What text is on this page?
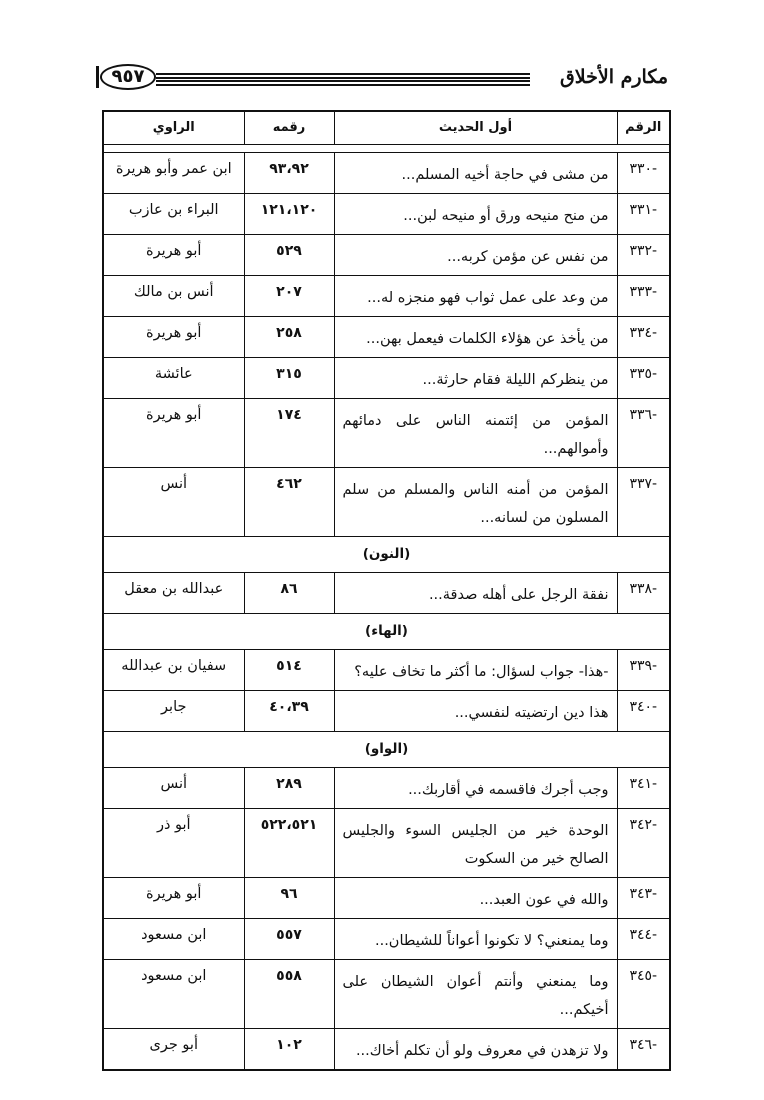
٩٥٧	مكارم الأخلاق
الرقم	أول الحديث	رقمه	الراوي

-٣٣٠	من مشى في حاجة أخيه المسلم...	٩٣،٩٢	ابن عمر وأبو هريرة
-٣٣١	من منح منيحه ورق أو منيحه لبن...	١٢١،١٢٠	البراء بن عازب
-٣٣٢	من نفس عن مؤمن كربه...	٥٢٩	أبو هريرة
-٣٣٣	من وعد على عمل ثواب فهو منجزه له...	٢٠٧	أنس بن مالك
-٣٣٤	من يأخذ عن هؤلاء الكلمات فيعمل بهن...	٢٥٨	أبو هريرة
-٣٣٥	من ينظركم الليلة فقام حارثة...	٣١٥	عائشة
-٣٣٦	المؤمن من إئتمنه الناس على دمائهم وأموالهم...	١٧٤	أبو هريرة
-٣٣٧	المؤمن من أمنه الناس والمسلم من سلم المسلون من لسانه...	٤٦٢	أنس
(النون)			
-٣٣٨	نفقة الرجل على أهله صدقة...	٨٦	عبدالله بن معقل
(الهاء)			
-٣٣٩	-هذا- جواب لسؤال: ما أكثر ما تخاف عليه؟	٥١٤	سفيان بن عبدالله
-٣٤٠	هذا دين ارتضيته لنفسي...	٤٠،٣٩	جابر
(الواو)			
-٣٤١	وجب أجرك فاقسمه في أقاربك...	٢٨٩	أنس
-٣٤٢	الوحدة خير من الجليس السوء والجليس الصالح خير من السكوت	٥٢٢،٥٢١	أبو ذر
-٣٤٣	والله في عون العبد...	٩٦	أبو هريرة
-٣٤٤	وما يمنعني؟ لا تكونوا أعواناً للشيطان...	٥٥٧	ابن مسعود
-٣٤٥	وما يمنعني وأنتم أعوان الشيطان على أخيكم...	٥٥٨	ابن مسعود
-٣٤٦	ولا تزهدن في معروف ولو أن تكلم أخاك...	١٠٢	أبو جرى
